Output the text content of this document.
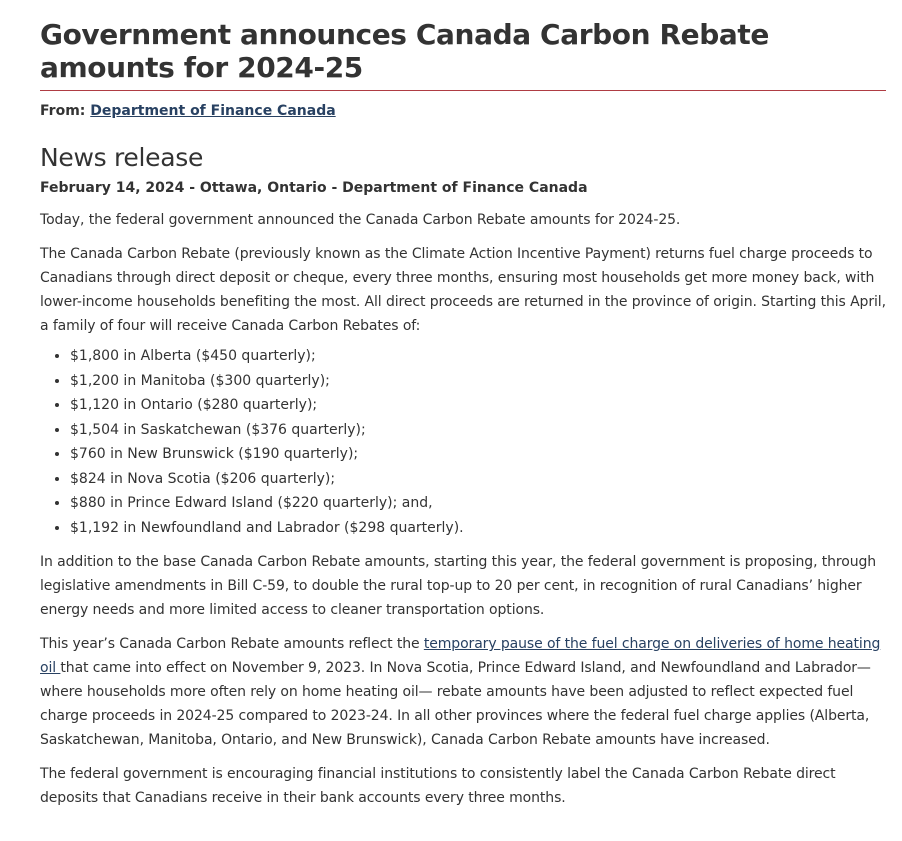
Government announces Canada Carbon Rebate amounts for 2024-25
From: Department of Finance Canada
News release
February 14, 2024 - Ottawa, Ontario - Department of Finance Canada

Today, the federal government announced the Canada Carbon Rebate amounts for 2024-25.

The Canada Carbon Rebate (previously known as the Climate Action Incentive Payment) returns fuel charge proceeds to Canadians through direct deposit or cheque, every three months, ensuring most households get more money back, with lower-income households benefiting the most. All direct proceeds are returned in the province of origin. Starting this April, a family of four will receive Canada Carbon Rebates of:

• $1,800 in Alberta ($450 quarterly);
• $1,200 in Manitoba ($300 quarterly);
• $1,120 in Ontario ($280 quarterly);
• $1,504 in Saskatchewan ($376 quarterly);
• $760 in New Brunswick ($190 quarterly);
• $824 in Nova Scotia ($206 quarterly);
• $880 in Prince Edward Island ($220 quarterly); and,
• $1,192 in Newfoundland and Labrador ($298 quarterly).

In addition to the base Canada Carbon Rebate amounts, starting this year, the federal government is proposing, through legislative amendments in Bill C-59, to double the rural top-up to 20 per cent, in recognition of rural Canadians’ higher energy needs and more limited access to cleaner transportation options.

This year’s Canada Carbon Rebate amounts reflect the temporary pause of the fuel charge on deliveries of home heating oil that came into effect on November 9, 2023. In Nova Scotia, Prince Edward Island, and Newfoundland and Labrador—where households more often rely on home heating oil— rebate amounts have been adjusted to reflect expected fuel charge proceeds in 2024-25 compared to 2023-24. In all other provinces where the federal fuel charge applies (Alberta, Saskatchewan, Manitoba, Ontario, and New Brunswick), Canada Carbon Rebate amounts have increased.

The federal government is encouraging financial institutions to consistently label the Canada Carbon Rebate direct deposits that Canadians receive in their bank accounts every three months.
